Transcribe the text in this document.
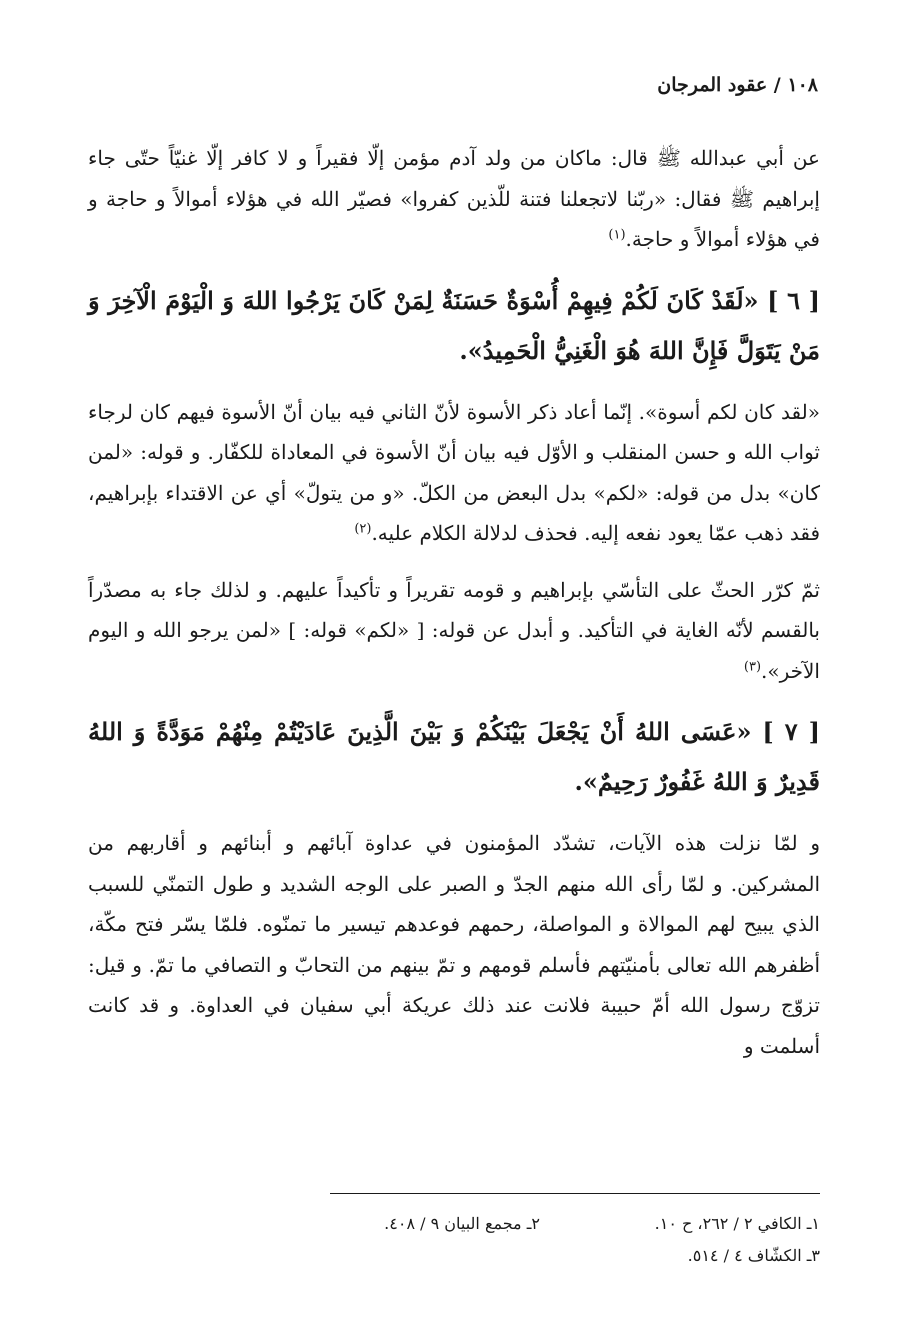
١٠٨ / عقود المرجان

عن أبي عبدالله ﷺ قال: ماكان من ولد آدم مؤمن إلّا فقيراً و لا كافر إلّا غنيّاً حتّى جاء إبراهيم ﷺ فقال: «ربّنا لاتجعلنا فتنة للّذين كفروا» فصيّر الله في هؤلاء أموالاً و حاجة و في هؤلاء أموالاً و حاجة.$^{(١)}$

[ ٦ ] «لَقَدْ كَانَ لَكُمْ فِيهِمْ أُسْوَةٌ حَسَنَةٌ لِمَنْ كَانَ يَرْجُوا اللهَ وَ الْيَوْمَ الْآخِرَ وَ مَنْ يَتَوَلَّ فَإِنَّ اللهَ هُوَ الْغَنِيُّ الْحَمِيدُ».

«لقد كان لكم أسوة». إنّما أعاد ذكر الأسوة لأنّ الثاني فيه بيان أنّ الأسوة فيهم كان لرجاء ثواب الله و حسن المنقلب و الأوّل فيه بيان أنّ الأسوة في المعاداة للكفّار. و قوله: «لمن كان» بدل من قوله: «لكم» بدل البعض من الكلّ. «و من يتولّ» أي عن الاقتداء بإبراهيم، فقد ذهب عمّا يعود نفعه إليه. فحذف لدلالة الكلام عليه.$^{(٢)}$

ثمّ كرّر الحثّ على التأسّي بإبراهيم و قومه تقريراً و تأكيداً عليهم. و لذلك جاء به مصدّراً بالقسم لأنّه الغاية في التأكيد. و أبدل عن قوله: [ «لكم» قوله: ] «لمن يرجو الله و اليوم الآخر».$^{(٣)}$

[ ٧ ] «عَسَى اللهُ أَنْ يَجْعَلَ بَيْنَكُمْ وَ بَيْنَ الَّذِينَ عَادَيْتُمْ مِنْهُمْ مَوَدَّةً وَ اللهُ قَدِيرٌ وَ اللهُ غَفُورٌ رَحِيمٌ».

و لمّا نزلت هذه الآيات، تشدّد المؤمنون في عداوة آبائهم و أبنائهم و أقاربهم من المشركين. و لمّا رأى الله منهم الجدّ و الصبر على الوجه الشديد و طول التمنّي للسبب الذي يبيح لهم الموالاة و المواصلة، رحمهم فوعدهم تيسير ما تمنّوه. فلمّا يسّر فتح مكّة، أظفرهم الله تعالى بأمنيّتهم فأسلم قومهم و تمّ بينهم من التحابّ و التصافي ما تمّ. و قيل: تزوّج رسول الله أمّ حبيبة فلانت عند ذلك عريكة أبي سفيان في العداوة. و قد كانت أسلمت و

١ـ الكافي ٢ / ٢٦٢، ح ١٠.
٢ـ مجمع البيان ٩ / ٤٠٨.
٣ـ الكشّاف ٤ / ٥١٤.
